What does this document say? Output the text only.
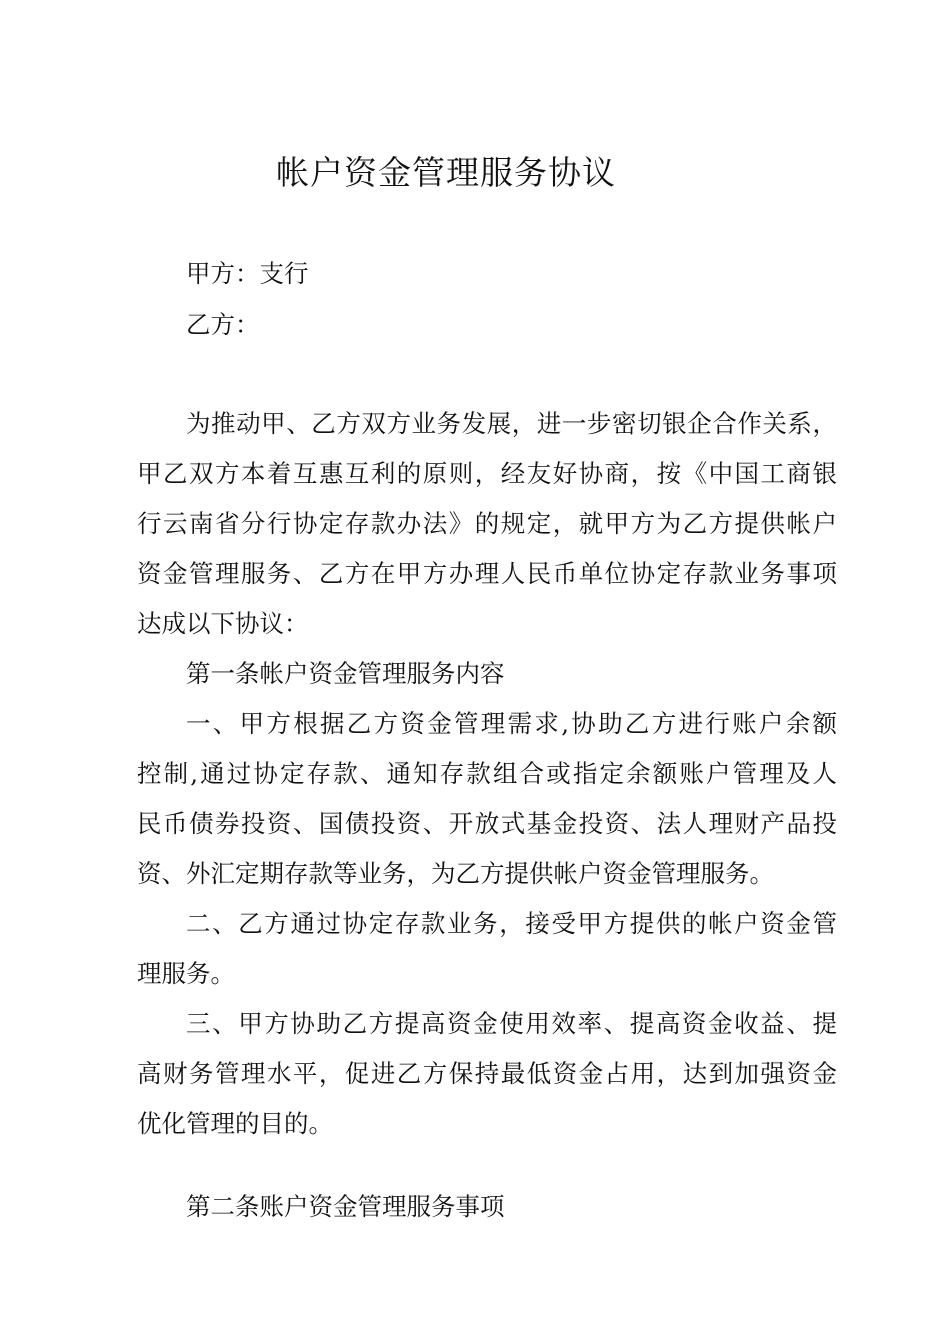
帐户资金管理服务协议
甲方：支行
乙方：
为推动甲、乙方双方业务发展，进一步密切银企合作关系，
甲乙双方本着互惠互利的原则，经友好协商，按《中国工商银
行云南省分行协定存款办法》的规定，就甲方为乙方提供帐户
资金管理服务、乙方在甲方办理人民币单位协定存款业务事项
达成以下协议：
第一条帐户资金管理服务内容
一、甲方根据乙方资金管理需求,协助乙方进行账户余额
控制,通过协定存款、通知存款组合或指定余额账户管理及人
民币债券投资、国债投资、开放式基金投资、法人理财产品投
资、外汇定期存款等业务，为乙方提供帐户资金管理服务。
二、乙方通过协定存款业务，接受甲方提供的帐户资金管
理服务。
三、甲方协助乙方提高资金使用效率、提高资金收益、提
高财务管理水平，促进乙方保持最低资金占用，达到加强资金
优化管理的目的。
第二条账户资金管理服务事项
